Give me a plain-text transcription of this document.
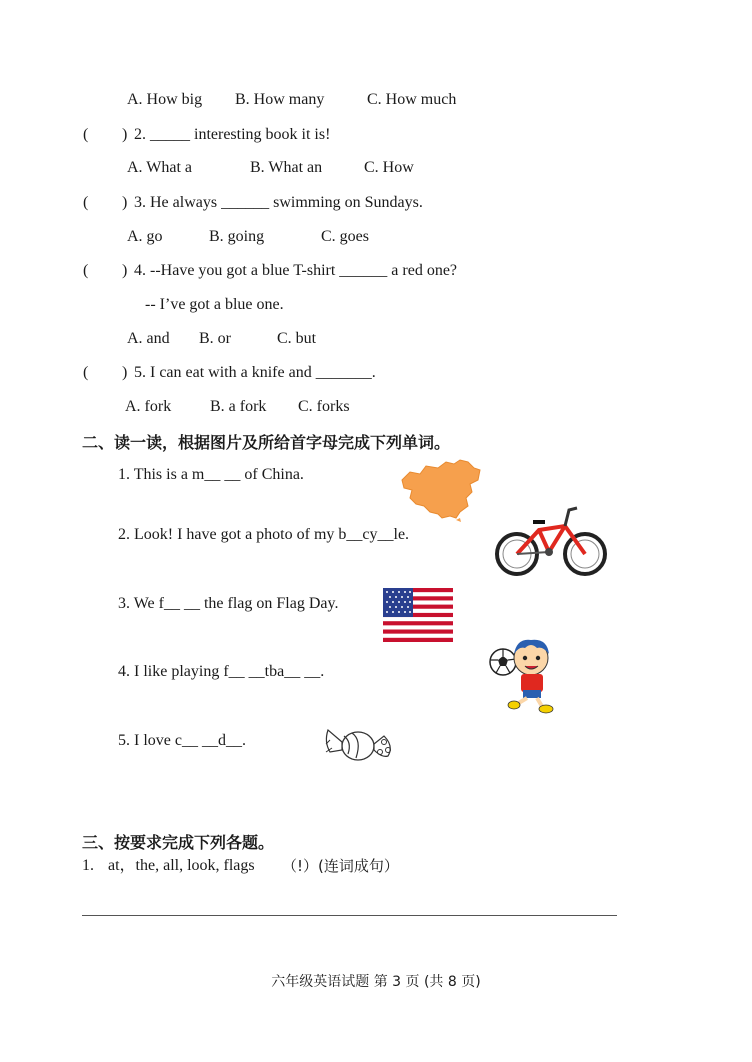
A. How big B. How many	C. How much
( ) 2. _____ interesting book it is!
A. What a	B. What an	C. How
( ) 3. He always ______ swimming on Sundays.
A. go	B. going	C. goes
( ) 4. --Have you got a blue T-shirt ______ a red one?
-- I’ve got a blue one.
A. and B. or	C. but
( ) 5. I can eat with a knife and _______.
A. fork B. a fork C. forks
二、读一读，根据图片及所给首字母完成下列单词。
1. This is a m__ __ of China.
2. Look! I have got a photo of my b__cy__le.
3. We f__ __ the flag on Flag Day.
4. I like playing f__ __tba__ __.
5. I love c__ __d__.
三、按要求完成下列各题。
1. at，the, all, look, flags （!）(连词成句）
六年级英语试题 第 3 页 (共 8 页)
